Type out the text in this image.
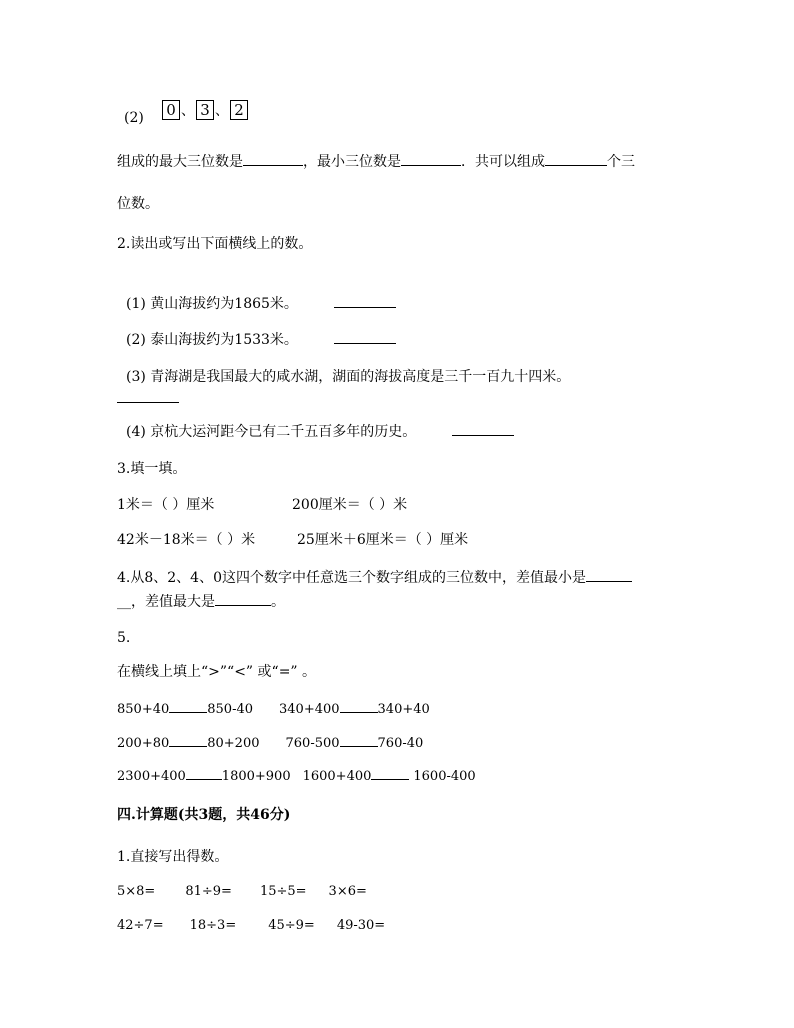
(2)	0 、 3 、 2
组成的最大三位数是	，最小三位数是	．共可以组成	个三
位数。
2.读出或写出下面横线上的数。
(1) 黄山海拔约为1865米。
(2) 泰山海拔约为1533米。
(3) 青海湖是我国最大的咸水湖，湖面的海拔高度是三千一百九十四米。
(4) 京杭大运河距今已有二千五百多年的历史。
3.填一填。
1米＝（ ）厘米	200厘米＝（ ）米
42米－18米＝（ ）米	25厘米＋6厘米＝（ ）厘米
4.从8、2、4、0这四个数字中任意选三个数字组成的三位数中，差值最小是
__，差值最大是	。
5.
在横线上填上“>”“<” 或“=” 。
850+40	850-40 340+400	340+40
200+80	80+200 760-500	760-40
2300+400	1800+900 1600+400	1600-400
四.计算题(共3题，共46分)
1.直接写出得数。
5×8= 81÷9= 15÷5= 3×6=
42÷7= 18÷3= 45÷9= 49-30=
